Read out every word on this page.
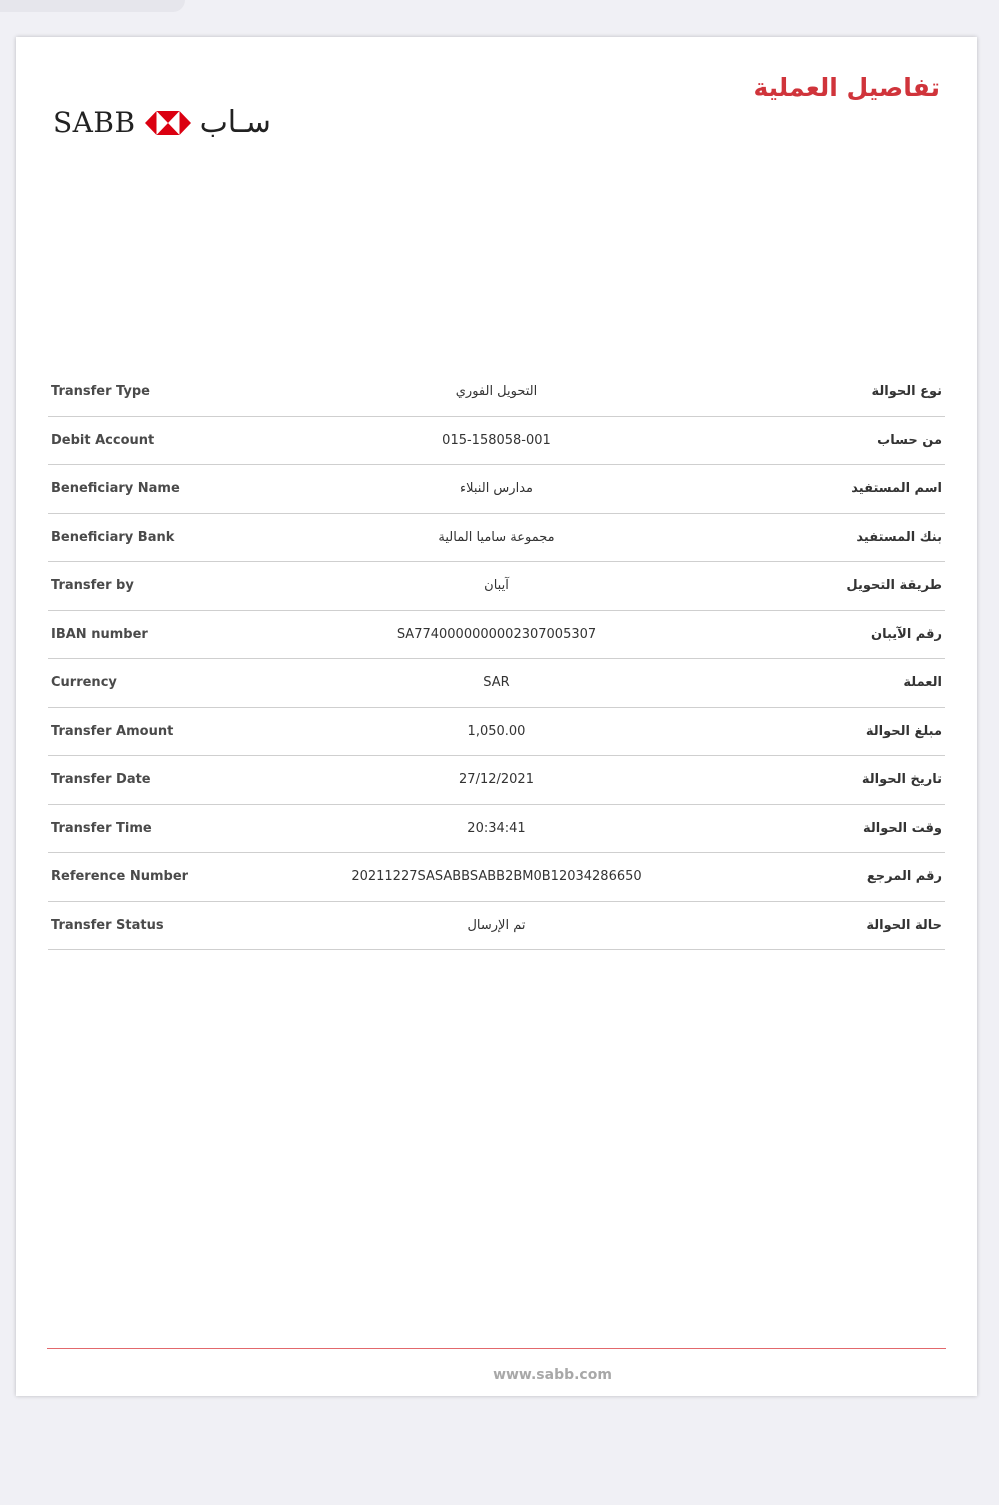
تفاصيل العملية
SABB سـاب
Transfer Type	التحويل الفوري	نوع الحوالة
Debit Account	015-158058-001	من حساب
Beneficiary Name	مدارس النبلاء	اسم المستفيد
Beneficiary Bank	مجموعة ساميا المالية	بنك المستفيد
Transfer by	آيبان	طريقة التحويل
IBAN number	SA7740000000002307005307	رقم الآيبان
Currency	SAR	العملة
Transfer Amount	1,050.00	مبلغ الحوالة
Transfer Date	27/12/2021	تاريخ الحوالة
Transfer Time	20:34:41	وقت الحوالة
Reference Number	20211227SASABBSABB2BM0B12034286650	رقم المرجع
Transfer Status	تم الإرسال	حالة الحوالة
www.sabb.com
